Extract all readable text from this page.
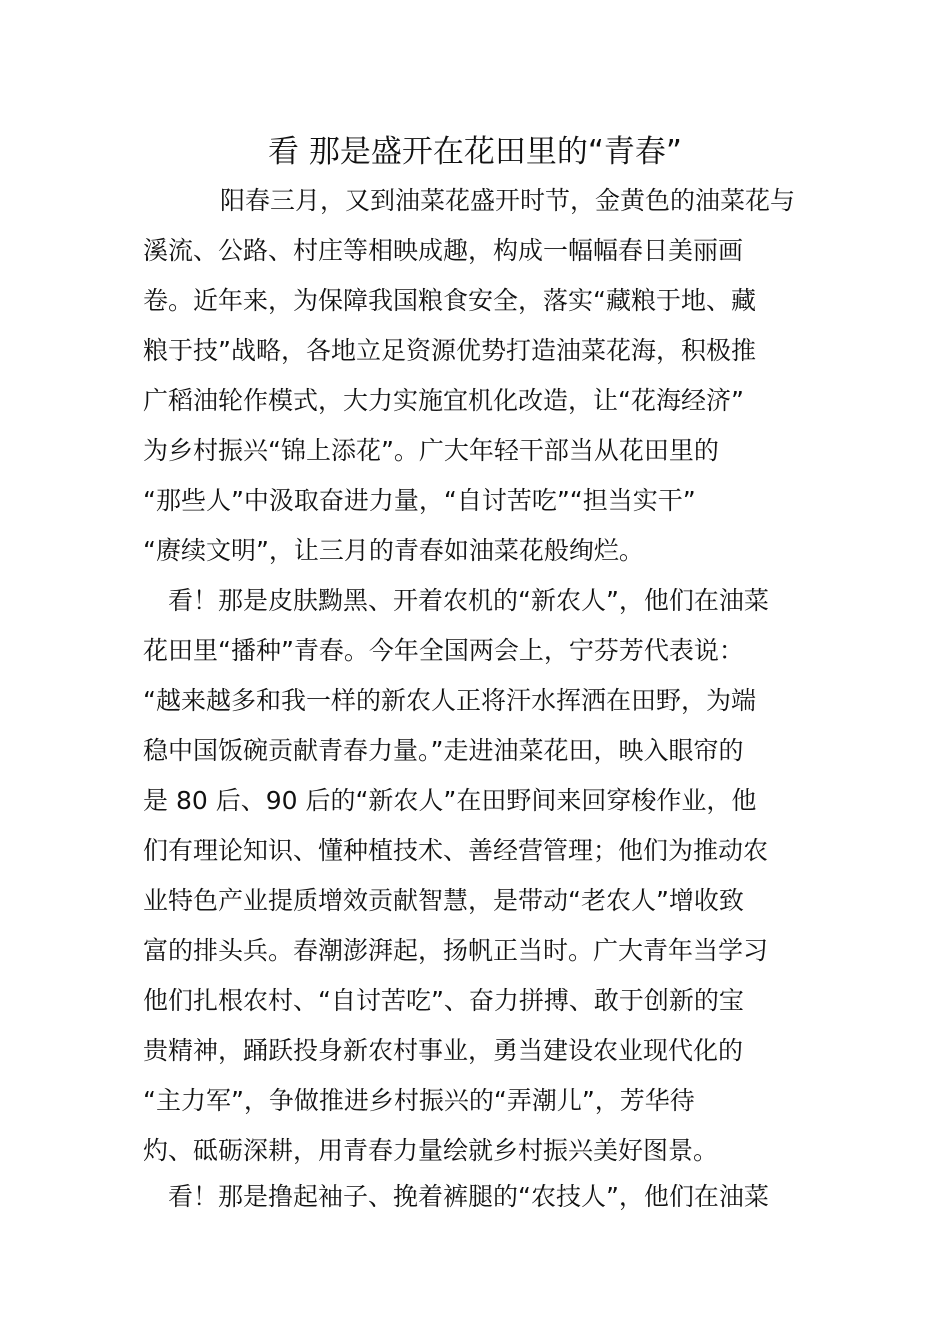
看 那是盛开在花田里的“青春”

阳春三月，又到油菜花盛开时节，金黄色的油菜花与

溪流、公路、村庄等相映成趣，构成一幅幅春日美丽画

卷。近年来，为保障我国粮食安全，落实“藏粮于地、藏

粮于技”战略，各地立足资源优势打造油菜花海，积极推

广稻油轮作模式，大力实施宜机化改造，让“花海经济”

为乡村振兴“锦上添花”。广大年轻干部当从花田里的

“那些人”中汲取奋进力量，“自讨苦吃”“担当实干”

“赓续文明”，让三月的青春如油菜花般绚烂。

看！那是皮肤黝黑、开着农机的“新农人”，他们在油菜

花田里“播种”青春。今年全国两会上，宁芬芳代表说：

“越来越多和我一样的新农人正将汗水挥洒在田野，为端

稳中国饭碗贡献青春力量。”走进油菜花田，映入眼帘的

是 80 后、90 后的“新农人”在田野间来回穿梭作业，他

们有理论知识、懂种植技术、善经营管理；他们为推动农

业特色产业提质增效贡献智慧，是带动“老农人”增收致

富的排头兵。春潮澎湃起，扬帆正当时。广大青年当学习

他们扎根农村、“自讨苦吃”、奋力拼搏、敢于创新的宝

贵精神，踊跃投身新农村事业，勇当建设农业现代化的

“主力军”，争做推进乡村振兴的“弄潮儿”，芳华待

灼、砥砺深耕，用青春力量绘就乡村振兴美好图景。

看！那是撸起袖子、挽着裤腿的“农技人”，他们在油菜
